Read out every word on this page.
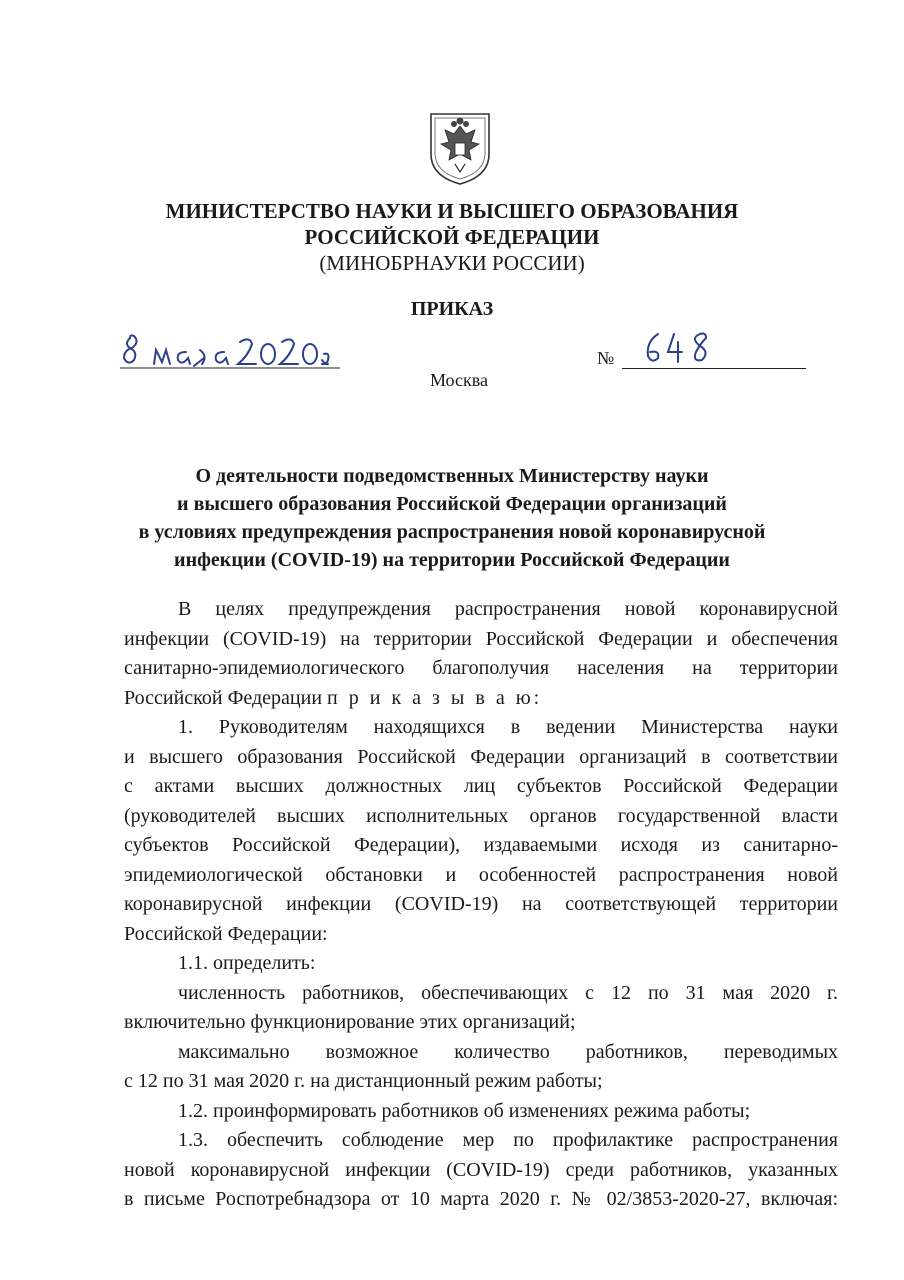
МИНИСТЕРСТВО НАУКИ И ВЫСШЕГО ОБРАЗОВАНИЯ
РОССИЙСКОЙ ФЕДЕРАЦИИ
(МИНОБРНАУКИ РОССИИ)
ПРИКАЗ
№
Москва
О деятельности подведомственных Министерству науки
и высшего образования Российской Федерации организаций
в условиях предупреждения распространения новой коронавирусной
инфекции (COVID-19) на территории Российской Федерации
В целях предупреждения распространения новой коронавирусной
инфекции (COVID-19) на территории Российской Федерации и обеспечения
санитарно-эпидемиологического благополучия населения на территории
Российской Федерации п р и к а з ы в а ю:
1. Руководителям находящихся в ведении Министерства науки
и высшего образования Российской Федерации организаций в соответствии
с актами высших должностных лиц субъектов Российской Федерации
(руководителей высших исполнительных органов государственной власти
субъектов Российской Федерации), издаваемыми исходя из санитарно-
эпидемиологической обстановки и особенностей распространения новой
коронавирусной инфекции (COVID-19) на соответствующей территории
Российской Федерации:
1.1. определить:
численность работников, обеспечивающих с 12 по 31 мая 2020 г.
включительно функционирование этих организаций;
максимально возможное количество работников, переводимых
с 12 по 31 мая 2020 г. на дистанционный режим работы;
1.2. проинформировать работников об изменениях режима работы;
1.3. обеспечить соблюдение мер по профилактике распространения
новой коронавирусной инфекции (COVID-19) среди работников, указанных
в письме Роспотребнадзора от 10 марта 2020 г. № 02/3853-2020-27, включая:
